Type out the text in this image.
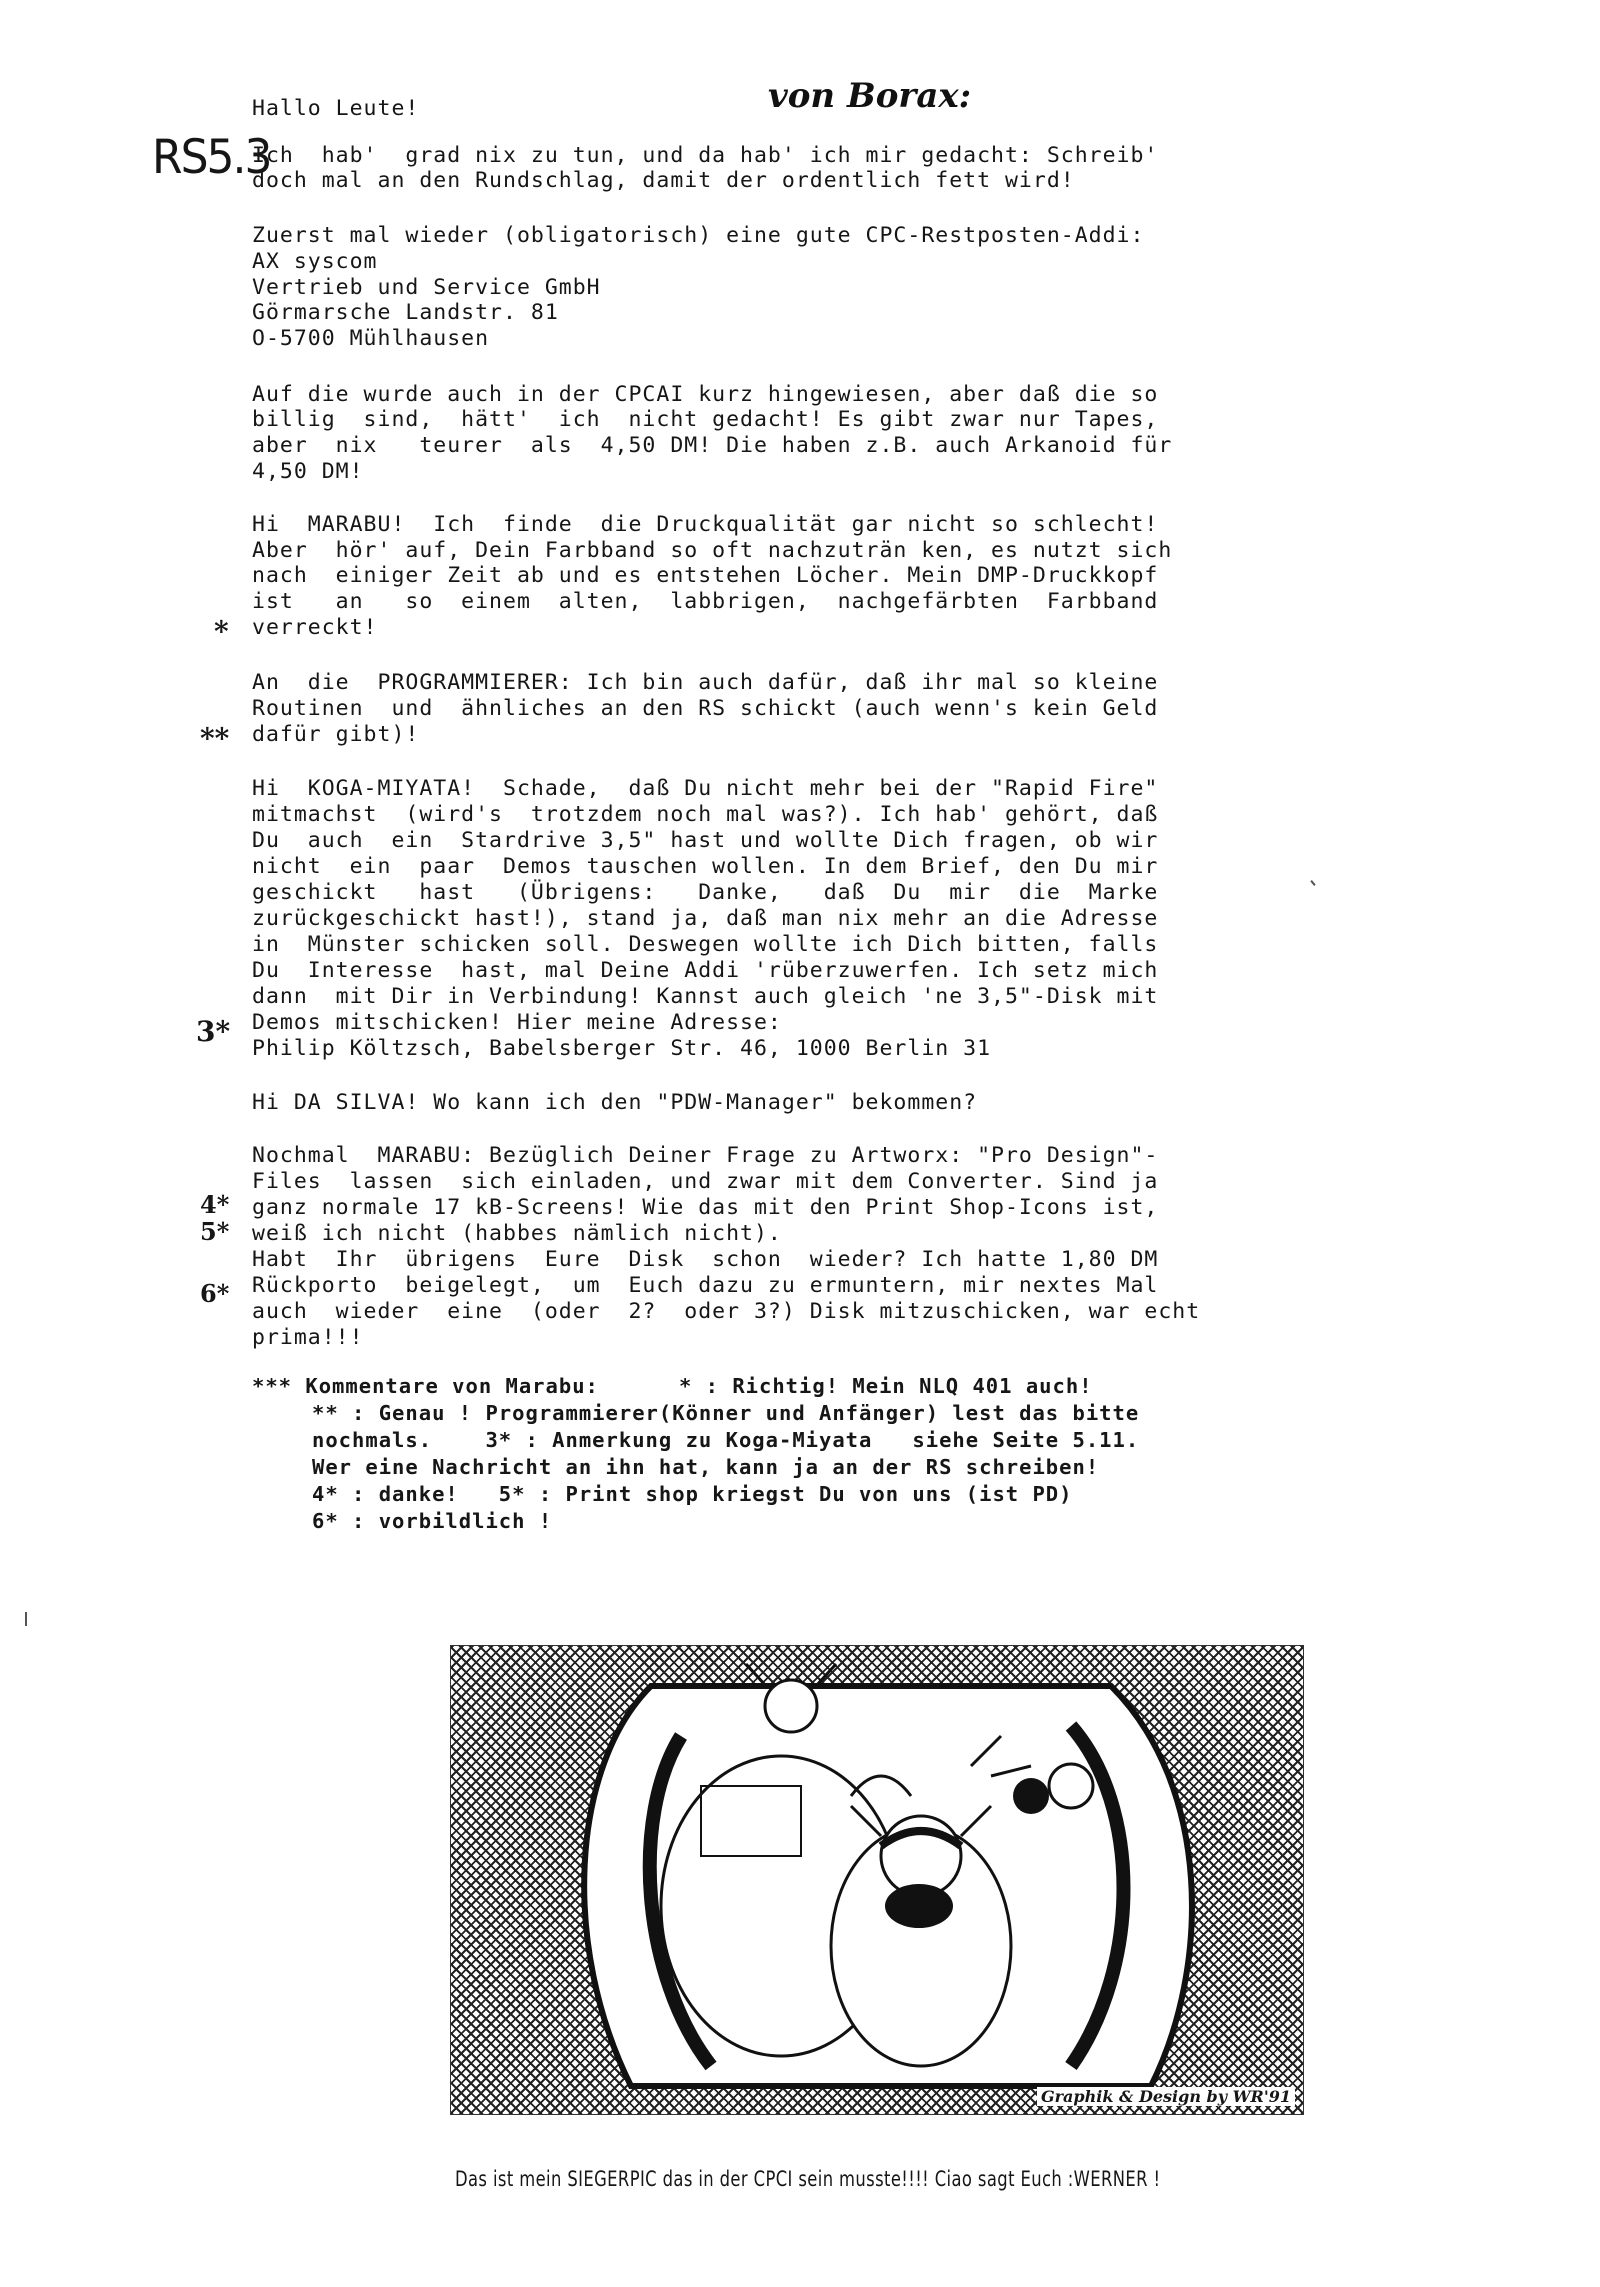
von Borax:
RS5.3

Hallo Leute!

Ich  hab'  grad nix zu tun, und da hab' ich mir gedacht: Schreib'

doch mal an den Rundschlag, damit der ordentlich fett wird!

Zuerst mal wieder (obligatorisch) eine gute CPC-Restposten-Addi:

AX syscom

Vertrieb und Service GmbH

Görmarsche Landstr. 81

O-5700 Mühlhausen

Auf die wurde auch in der CPCAI kurz hingewiesen, aber daß die so

billig  sind,  hätt'  ich  nicht gedacht! Es gibt zwar nur Tapes,

aber  nix   teurer  als  4,50 DM! Die haben z.B. auch Arkanoid für

4,50 DM!

Hi  MARABU!  Ich  finde  die Druckqualität gar nicht so schlecht!

Aber  hör' auf, Dein Farbband so oft nachzuträn ken, es nutzt sich

nach  einiger Zeit ab und es entstehen Löcher. Mein DMP-Druckkopf

ist   an   so  einem  alten,  labbrigen,  nachgefärbten  Farbband

verreckt!

An  die  PROGRAMMIERER: Ich bin auch dafür, daß ihr mal so kleine

Routinen  und  ähnliches an den RS schickt (auch wenn's kein Geld

dafür gibt)!

Hi  KOGA-MIYATA!  Schade,  daß Du nicht mehr bei der "Rapid Fire"

mitmachst  (wird's  trotzdem noch mal was?). Ich hab' gehört, daß

Du  auch  ein  Stardrive 3,5" hast und wollte Dich fragen, ob wir

nicht  ein  paar  Demos tauschen wollen. In dem Brief, den Du mir

geschickt   hast   (Übrigens:   Danke,   daß  Du  mir  die  Marke

zurückgeschickt hast!), stand ja, daß man nix mehr an die Adresse

in  Münster schicken soll. Deswegen wollte ich Dich bitten, falls

Du  Interesse  hast, mal Deine Addi 'rüberzuwerfen. Ich setz mich

dann  mit Dir in Verbindung! Kannst auch gleich 'ne 3,5"-Disk mit

Demos mitschicken! Hier meine Adresse:

Philip Költzsch, Babelsberger Str. 46, 1000 Berlin 31

Hi DA SILVA! Wo kann ich den "PDW-Manager" bekommen?

Nochmal  MARABU: Bezüglich Deiner Frage zu Artworx: "Pro Design"-

Files  lassen  sich einladen, und zwar mit dem Converter. Sind ja

ganz normale 17 kB-Screens! Wie das mit den Print Shop-Icons ist,

weiß ich nicht (habbes nämlich nicht).

Habt  Ihr  übrigens  Eure  Disk  schon  wieder? Ich hatte 1,80 DM

Rückporto  beigelegt,  um  Euch dazu zu ermuntern, mir nextes Mal

auch  wieder  eine  (oder  2?  oder 3?) Disk mitzuschicken, war echt

prima!!!

*
**
3*
4*
5*
6*
*** Kommentare von Marabu:      * : Richtig! Mein NLQ 401 auch!
** : Genau ! Programmierer(Könner und Anfänger) lest das bitte
nochmals.    3* : Anmerkung zu Koga-Miyata   siehe Seite 5.11.
Wer eine Nachricht an ihn hat, kann ja an der RS schreiben!
4* : danke!   5* : Print shop kriegst Du von uns (ist PD)
6* : vorbildlich !
Graphik & Design by WR'91
Das ist mein SIEGERPIC das in der CPCI sein musste!!!! Ciao sagt Euch :WERNER !
